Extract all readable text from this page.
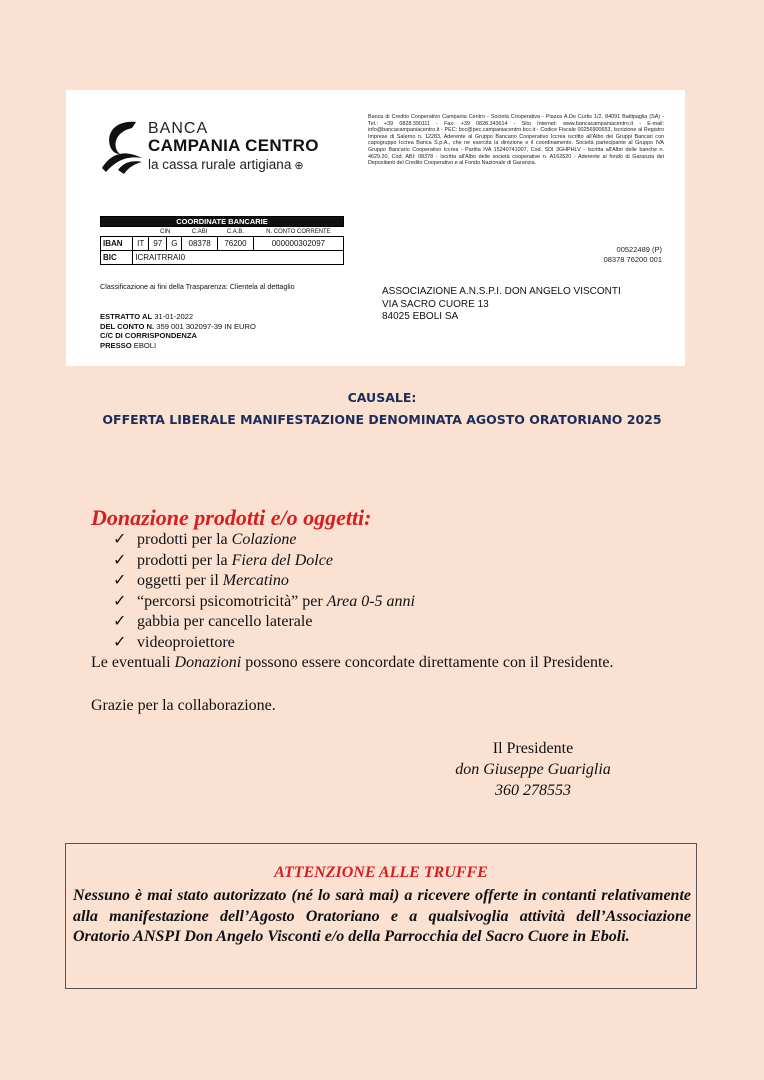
BANCA
CAMPANIA CENTRO
la cassa rurale artigiana ⊕
Banca di Credito Cooperativo Campania Centro - Società Cooperativa - Piazza A.De Curtis 1/2, 84091 Battipaglia (SA) - Tel.: +39 0828.390111 - Fax: +39 0828.343614 - Sito Internet: www.bancacampaniacentro.it - E-mail: info@bancacampaniacentro.it - PEC: bcc@pec.campaniacentro.bcc.it - Codice Fiscale 00256900653, Iscrizione al Registro Imprese di Salerno n. 12283, Aderente al Gruppo Bancario Cooperativo Iccrea iscritto all'Albo dei Gruppi Bancari con capogruppo Iccrea Banca S.p.A., che ne esercita la direzione e il coordinamento. Società partecipante al Gruppo IVA Gruppo Bancario Cooperativo Iccrea - Partita IVA 15240741007, Cod. SDI 3GHPHLV - Iscritta all'Albo delle banche n. 4629.20, Cod. ABI: 08378 - Iscritta all'Albo delle società cooperative n. A162620 - Aderente al fondo di Garanzia dei Depositanti del Credito Cooperativo e al Fondo Nazionale di Garanzia.
COORDINATE BANCARIE						
		CIN		C.ABI	C.A.B.	N. CONTO CORRENTE
IBAN	IT	97	G	08378	76200	000000302097
BIC	ICRAITRRAI0					
00522489 (P)
08378 76200 001
Classificazione ai fini della Trasparenza: Clientela al dettaglio	ASSOCIAZIONE A.N.S.P.I. DON ANGELO VISCONTI
VIA SACRO CUORE 13
84025 EBOLI SA
ESTRATTO AL 31-01-2022
DEL CONTO N. 359 001 302097-39 IN EURO
C/C DI CORRISPONDENZA
PRESSO EBOLI
CAUSALE:
OFFERTA LIBERALE MANIFESTAZIONE DENOMINATA AGOSTO ORATORIANO 2025
Donazione prodotti e/o oggetti:
✓ prodotti per la Colazione
✓ prodotti per la Fiera del Dolce
✓ oggetti per il Mercatino
✓ “percorsi psicomotricità” per Area 0-5 anni
✓ gabbia per cancello laterale
✓ videoproiettore
Le eventuali Donazioni possono essere concordate direttamente con il Presidente.
Grazie per la collaborazione.
Il Presidente
don Giuseppe Guariglia
360 278553
ATTENZIONE ALLE TRUFFE
Nessuno è mai stato autorizzato (né lo sarà mai) a ricevere offerte in contanti relativamente alla manifestazione dell’Agosto Oratoriano e a qualsivoglia attività dell’Associazione Oratorio ANSPI Don Angelo Visconti e/o della Parrocchia del Sacro Cuore in Eboli.
